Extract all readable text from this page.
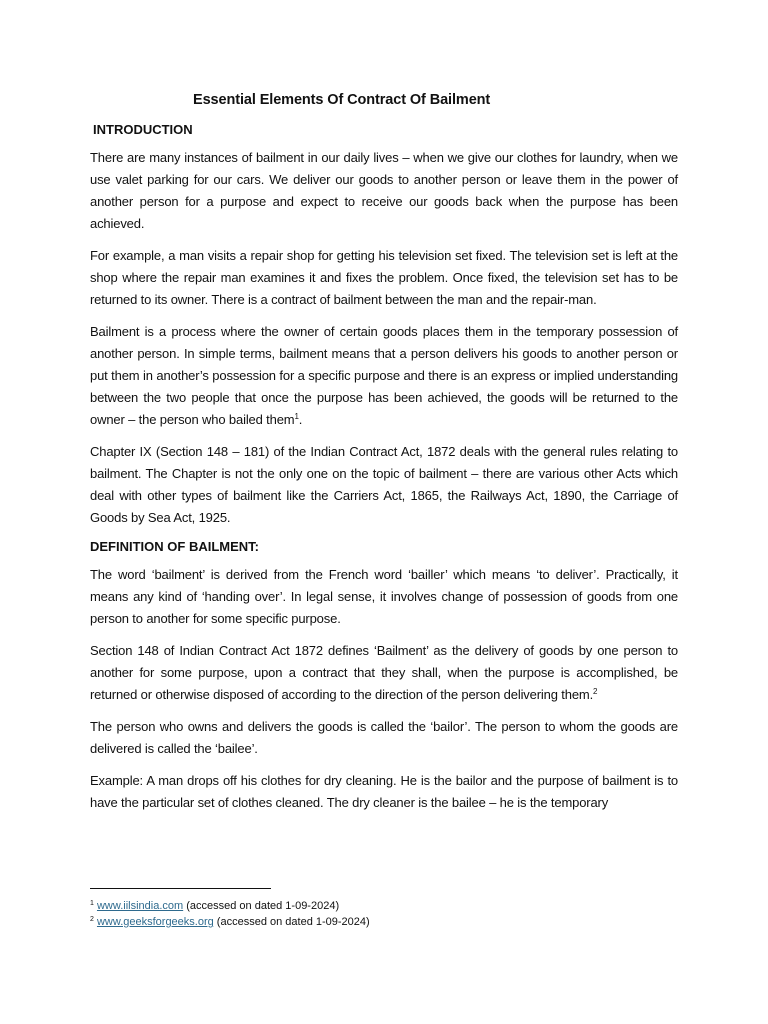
Essential Elements Of Contract Of Bailment
INTRODUCTION

There are many instances of bailment in our daily lives – when we give our clothes for laundry, when we use valet parking for our cars. We deliver our goods to another person or leave them in the power of another person for a purpose and expect to receive our goods back when the purpose has been achieved.

For example, a man visits a repair shop for getting his television set fixed. The television set is left at the shop where the repair man examines it and fixes the problem. Once fixed, the television set has to be returned to its owner. There is a contract of bailment between the man and the repair-man.

Bailment is a process where the owner of certain goods places them in the temporary possession of another person. In simple terms, bailment means that a person delivers his goods to another person or put them in another’s possession for a specific purpose and there is an express or implied understanding between the two people that once the purpose has been achieved, the goods will be returned to the owner – the person who bailed them$^1$.

Chapter IX (Section 148 – 181) of the Indian Contract Act, 1872 deals with the general rules relating to bailment. The Chapter is not the only one on the topic of bailment – there are various other Acts which deal with other types of bailment like the Carriers Act, 1865, the Railways Act, 1890, the Carriage of Goods by Sea Act, 1925.

DEFINITION OF BAILMENT:

The word ‘bailment’ is derived from the French word ‘bailler’ which means ‘to deliver’. Practically, it means any kind of ‘handing over’. In legal sense, it involves change of possession of goods from one person to another for some specific purpose.

Section 148 of Indian Contract Act 1872 defines ‘Bailment’ as the delivery of goods by one person to another for some purpose, upon a contract that they shall, when the purpose is accomplished, be returned or otherwise disposed of according to the direction of the person delivering them.$^2$

The person who owns and delivers the goods is called the ‘bailor’. The person to whom the goods are delivered is called the ‘bailee’.

Example: A man drops off his clothes for dry cleaning. He is the bailor and the purpose of bailment is to have the particular set of clothes cleaned. The dry cleaner is the bailee – he is the temporary

$^1$ www.iilsindia.com (accessed on dated 1-09-2024)
$^2$ www.geeksforgeeks.org (accessed on dated 1-09-2024)
